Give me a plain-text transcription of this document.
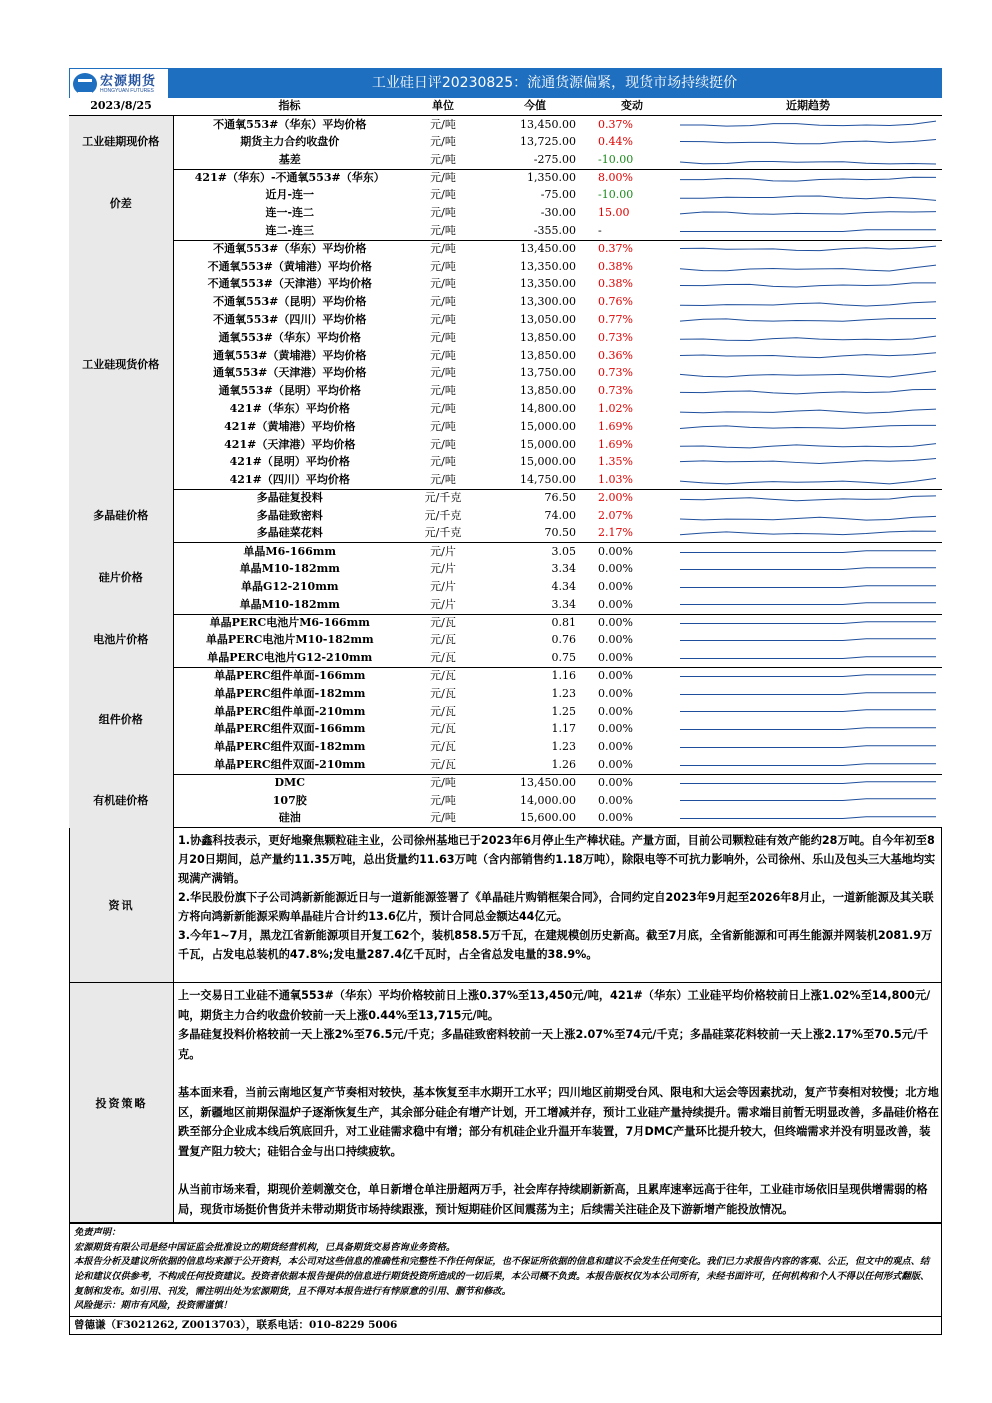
宏源期货
HONGYUAN FUTURES	工业硅日评20230825：流通货源偏紧，现货市场持续挺价
2023/8/25	指标	单位	今值	变动	近期趋势
工业硅期现价格	不通氧553#（华东）平均价格	元/吨	13,450.00	0.37%	

	期货主力合约收盘价	元/吨	13,725.00	0.44%	

	基差	元/吨	-275.00	-10.00	

价差	421#（华东）-不通氧553#（华东）	元/吨	1,350.00	8.00%	

	近月-连一	元/吨	-75.00	-10.00	

	连一-连二	元/吨	-30.00	15.00	

	连二-连三	元/吨	-355.00	-	

工业硅现货价格	不通氧553#（华东）平均价格	元/吨	13,450.00	0.37%	

	不通氧553#（黄埔港）平均价格	元/吨	13,350.00	0.38%	

	不通氧553#（天津港）平均价格	元/吨	13,350.00	0.38%	

	不通氧553#（昆明）平均价格	元/吨	13,300.00	0.76%	

	不通氧553#（四川）平均价格	元/吨	13,050.00	0.77%	

	通氧553#（华东）平均价格	元/吨	13,850.00	0.73%	

	通氧553#（黄埔港）平均价格	元/吨	13,850.00	0.36%	

	通氧553#（天津港）平均价格	元/吨	13,750.00	0.73%	

	通氧553#（昆明）平均价格	元/吨	13,850.00	0.73%	

	421#（华东）平均价格	元/吨	14,800.00	1.02%	

	421#（黄埔港）平均价格	元/吨	15,000.00	1.69%	

	421#（天津港）平均价格	元/吨	15,000.00	1.69%	

	421#（昆明）平均价格	元/吨	15,000.00	1.35%	

	421#（四川）平均价格	元/吨	14,750.00	1.03%	

多晶硅价格	多晶硅复投料	元/千克	76.50	2.00%	

	多晶硅致密料	元/千克	74.00	2.07%	

	多晶硅菜花料	元/千克	70.50	2.17%	

硅片价格	单晶M6-166mm	元/片	3.05	0.00%	

	单晶M10-182mm	元/片	3.34	0.00%	

	单晶G12-210mm	元/片	4.34	0.00%	

	单晶M10-182mm	元/片	3.34	0.00%	

电池片价格	单晶PERC电池片M6-166mm	元/瓦	0.81	0.00%	

	单晶PERC电池片M10-182mm	元/瓦	0.76	0.00%	

	单晶PERC电池片G12-210mm	元/瓦	0.75	0.00%	

组件价格	单晶PERC组件单面-166mm	元/瓦	1.16	0.00%	

	单晶PERC组件单面-182mm	元/瓦	1.23	0.00%	

	单晶PERC组件单面-210mm	元/瓦	1.25	0.00%	

	单晶PERC组件双面-166mm	元/瓦	1.17	0.00%	

	单晶PERC组件双面-182mm	元/瓦	1.23	0.00%	

	单晶PERC组件双面-210mm	元/瓦	1.26	0.00%	

有机硅价格	DMC	元/吨	13,450.00	0.00%	

	107胶	元/吨	14,000.00	0.00%	

	硅油	元/吨	15,600.00	0.00%	
资讯

1.协鑫科技表示，更好地聚焦颗粒硅主业，公司徐州基地已于2023年6月停止生产棒状硅。产量方面，目前公司颗粒硅有效产能约28万吨。自今年初至8月20日期间，总产量约11.35万吨，总出货量约11.63万吨（含内部销售约1.18万吨），除限电等不可抗力影响外，公司徐州、乐山及包头三大基地均实现满产满销。

2.华民股份旗下子公司鸿新新能源近日与一道新能源签署了《单晶硅片购销框架合同》，合同约定自2023年9月起至2026年8月止，一道新能源及其关联方将向鸿新新能源采购单晶硅片合计约13.6亿片，预计合同总金额达44亿元。

3.今年1~7月，黑龙江省新能源项目开复工62个，装机858.5万千瓦，在建规模创历史新高。截至7月底，全省新能源和可再生能源并网装机2081.9万千瓦，占发电总装机的47.8%;发电量287.4亿千瓦时，占全省总发电量的38.9%。

投资策略

上一交易日工业硅不通氧553#（华东）平均价格较前日上涨0.37%至13,450元/吨，421#（华东）工业硅平均价格较前日上涨1.02%至14,800元/吨，期货主力合约收盘价较前一天上涨0.44%至13,715元/吨。

多晶硅复投料价格较前一天上涨2%至76.5元/千克；多晶硅致密料较前一天上涨2.07%至74元/千克；多晶硅菜花料较前一天上涨2.17%至70.5元/千克。

基本面来看，当前云南地区复产节奏相对较快，基本恢复至丰水期开工水平；四川地区前期受台风、限电和大运会等因素扰动，复产节奏相对较慢；北方地区，新疆地区前期保温炉子逐渐恢复生产，其余部分硅企有增产计划，开工增减并存，预计工业硅产量持续提升。需求端目前暂无明显改善，多晶硅价格在跌至部分企业成本线后筑底回升，对工业硅需求稳中有增；部分有机硅企业升温开车装置，7月DMC产量环比提升较大，但终端需求并没有明显改善，装置复产阻力较大；硅铝合金与出口持续疲软。

从当前市场来看，期现价差刺激交仓，单日新增仓单注册超两万手，社会库存持续刷新新高，且累库速率远高于往年，工业硅市场依旧呈现供增需弱的格局，现货市场挺价售货并未带动期货市场持续跟涨，预计短期硅价区间震荡为主；后续需关注硅企及下游新增产能投放情况。

免责声明：

宏源期货有限公司是经中国证监会批准设立的期货经营机构，已具备期货交易咨询业务资格。

本报告分析及建议所依据的信息均来源于公开资料，本公司对这些信息的准确性和完整性不作任何保证，也不保证所依据的信息和建议不会发生任何变化。我们已力求报告内容的客观、公正，但文中的观点、结论和建议仅供参考，不构成任何投资建议。投资者依据本报告提供的信息进行期货投资所造成的一切后果，本公司概不负责。本报告版权仅为本公司所有，未经书面许可，任何机构和个人不得以任何形式翻版、复制和发布。如引用、刊发，需注明出处为宏源期货，且不得对本报告进行有悖原意的引用、删节和修改。

风险提示：期市有风险，投资需谨慎！

曾德谦（F3021262, Z0013703），联系电话：010-8229 5006
